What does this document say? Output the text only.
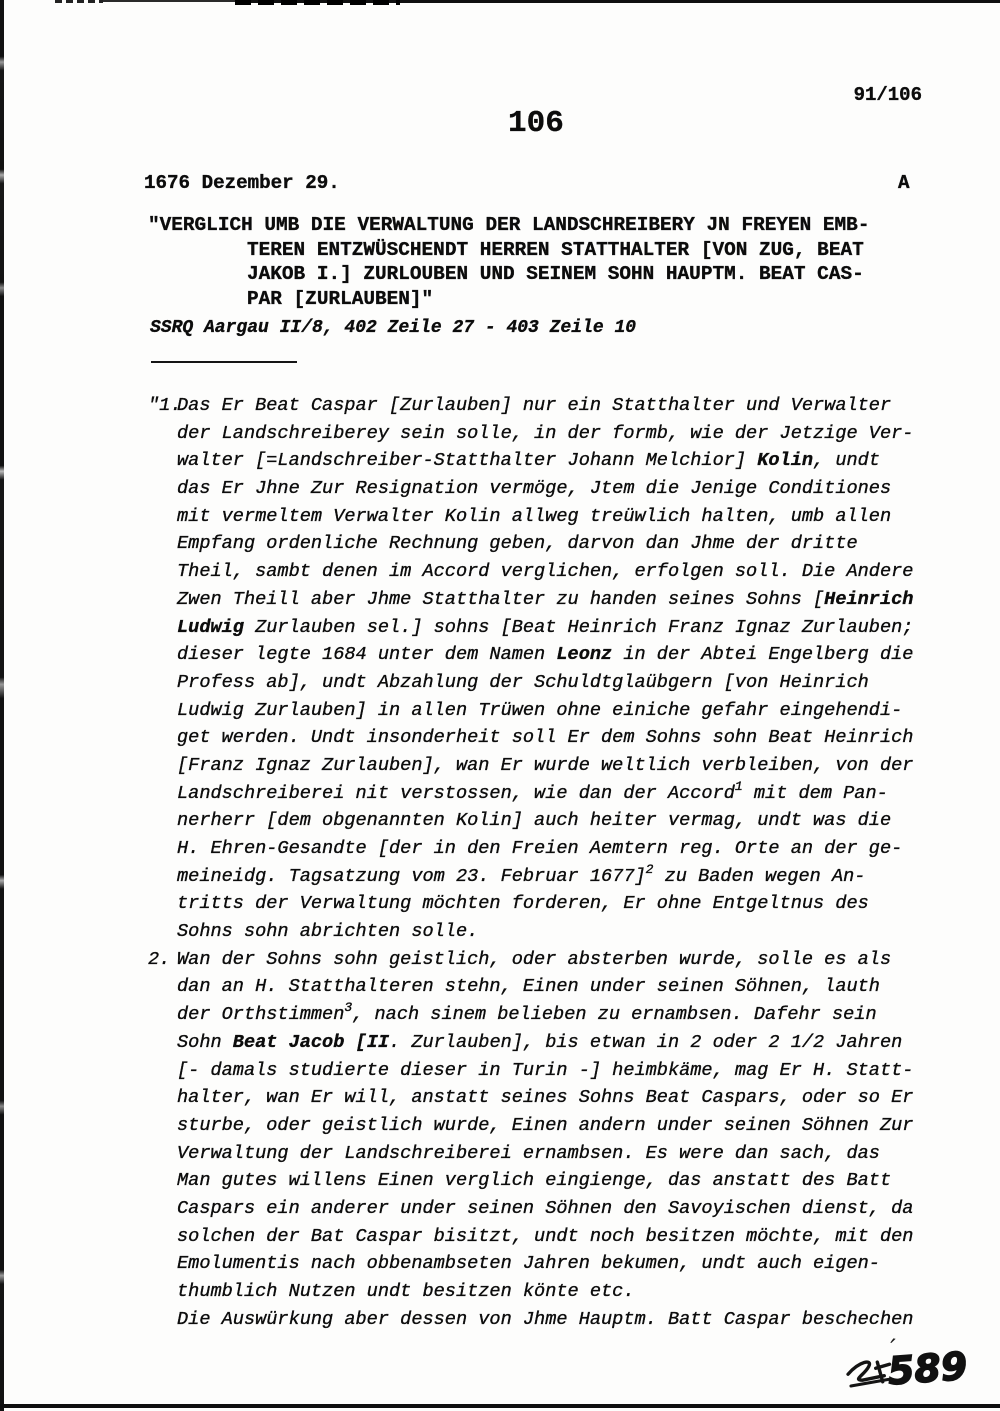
91/106
106
1676 Dezember 29.	A
"VERGLICH UMB DIE VERWALTUNG DER LANDSCHREIBERY JN FREYEN EMB-
TEREN ENTZWÜSCHENDT HERREN STATTHALTER [VON ZUG, BEAT
JAKOB I.] ZURLOUBEN UND SEINEM SOHN HAUPTM. BEAT CAS-
PAR [ZURLAUBEN]"
SSRQ Aargau II/8, 402 Zeile 27 - 403 Zeile 10
"1.
Das Er Beat Caspar [Zurlauben] nur ein Statthalter und Verwalter
der Landschreiberey sein solle, in der formb, wie der Jetzige Ver-
walter [=Landschreiber-Statthalter Johann Melchior] Kolin, undt
das Er Jhne Zur Resignation vermöge, Jtem die Jenige Conditiones
mit vermeltem Verwalter Kolin allweg treüwlich halten, umb allen
Empfang ordenliche Rechnung geben, darvon dan Jhme der dritte
Theil, sambt denen im Accord verglichen, erfolgen soll. Die Andere
Zwen Theill aber Jhme Statthalter zu handen seines Sohns [Heinrich
Ludwig Zurlauben sel.] sohns [Beat Heinrich Franz Ignaz Zurlauben;
dieser legte 1684 unter dem Namen Leonz in der Abtei Engelberg die
Profess ab], undt Abzahlung der Schuldtglaübgern [von Heinrich
Ludwig Zurlauben] in allen Trüwen ohne einiche gefahr eingehendi-
get werden. Undt insonderheit soll Er dem Sohns sohn Beat Heinrich
[Franz Ignaz Zurlauben], wan Er wurde weltlich verbleiben, von der
Landschreiberei nit verstossen, wie dan der Accord$^1$ mit dem Pan-
nerherr [dem obgenannten Kolin] auch heiter vermag, undt was die
H. Ehren-Gesandte [der in den Freien Aemtern reg. Orte an der ge-
meineidg. Tagsatzung vom 23. Februar 1677]$^2$ zu Baden wegen An-
tritts der Verwaltung möchten forderen, Er ohne Entgeltnus des
Sohns sohn abrichten solle.
2. Wan der Sohns sohn geistlich, oder absterben wurde, solle es als
dan an H. Statthalteren stehn, Einen under seinen Söhnen, lauth
der Orthstimmen$^3$, nach sinem belieben zu ernambsen. Dafehr sein
Sohn Beat Jacob [II. Zurlauben], bis etwan in 2 oder 2 1/2 Jahren
[- damals studierte dieser in Turin -] heimbkäme, mag Er H. Statt-
halter, wan Er will, anstatt seines Sohns Beat Caspars, oder so Er
sturbe, oder geistlich wurde, Einen andern under seinen Söhnen Zur
Verwaltung der Landschreiberei ernambsen. Es were dan sach, das
Man gutes willens Einen verglich eingienge, das anstatt des Batt
Caspars ein anderer under seinen Söhnen den Savoyischen dienst, da
solchen der Bat Caspar bisitzt, undt noch besitzen möchte, mit den
Emolumentis nach obbenambseten Jahren bekumen, undt auch eigen-
thumblich Nutzen undt besitzen könte etc.
Die Auswürkung aber dessen von Jhme Hauptm. Batt Caspar beschechen
589
,
